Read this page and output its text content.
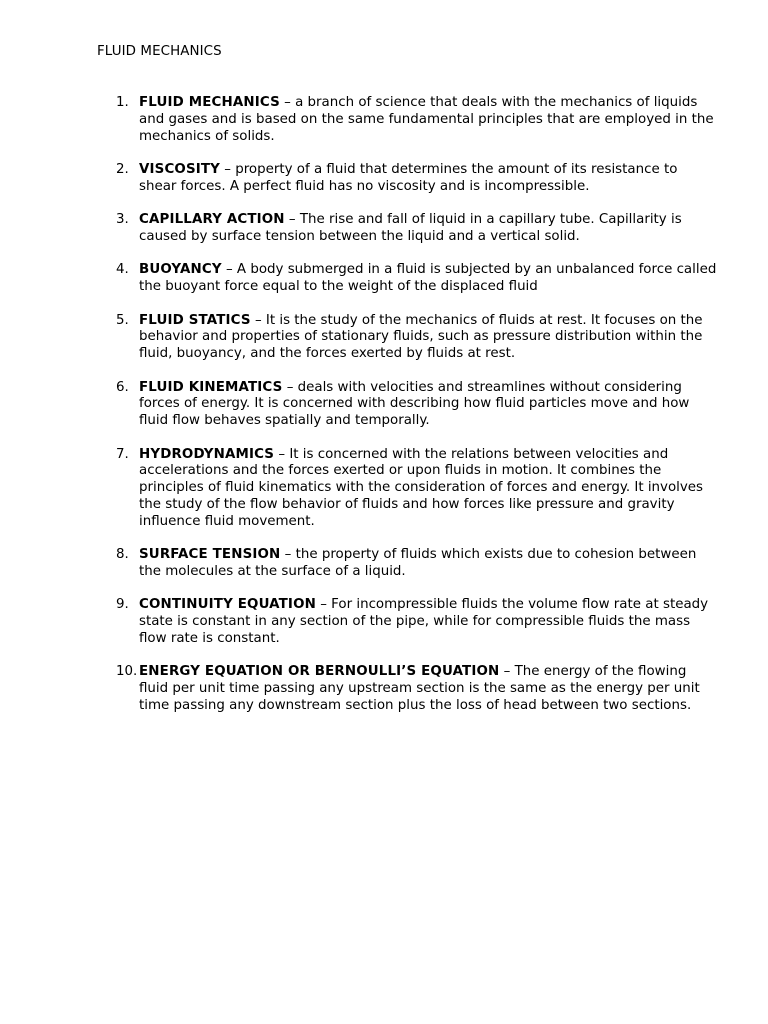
FLUID MECHANICS
1. FLUID MECHANICS – a branch of science that deals with the mechanics of liquids and gases and is based on the same fundamental principles that are employed in the mechanics of solids.
2. VISCOSITY – property of a fluid that determines the amount of its resistance to shear forces. A perfect fluid has no viscosity and is incompressible.
3. CAPILLARY ACTION – The rise and fall of liquid in a capillary tube. Capillarity is caused by surface tension between the liquid and a vertical solid.
4. BUOYANCY – A body submerged in a fluid is subjected by an unbalanced force called the buoyant force equal to the weight of the displaced fluid
5. FLUID STATICS – It is the study of the mechanics of fluids at rest. It focuses on the behavior and properties of stationary fluids, such as pressure distribution within the fluid, buoyancy, and the forces exerted by fluids at rest.
6. FLUID KINEMATICS – deals with velocities and streamlines without considering forces of energy. It is concerned with describing how fluid particles move and how fluid flow behaves spatially and temporally.
7. HYDRODYNAMICS – It is concerned with the relations between velocities and accelerations and the forces exerted or upon fluids in motion. It combines the principles of fluid kinematics with the consideration of forces and energy. It involves the study of the flow behavior of fluids and how forces like pressure and gravity influence fluid movement.
8. SURFACE TENSION – the property of fluids which exists due to cohesion between the molecules at the surface of a liquid.
9. CONTINUITY EQUATION – For incompressible fluids the volume flow rate at steady state is constant in any section of the pipe, while for compressible fluids the mass flow rate is constant.
10. ENERGY EQUATION OR BERNOULLI’S EQUATION – The energy of the flowing fluid per unit time passing any upstream section is the same as the energy per unit time passing any downstream section plus the loss of head between two sections.
